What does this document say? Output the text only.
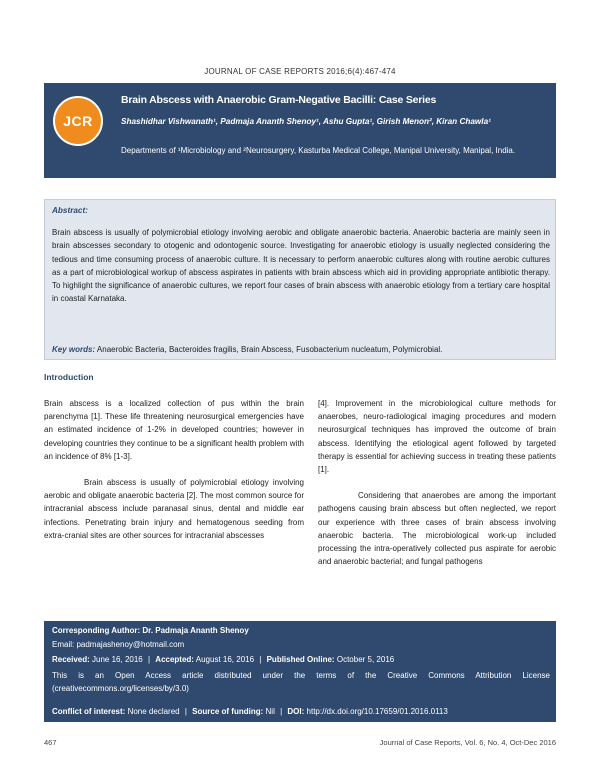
JOURNAL OF CASE REPORTS 2016;6(4):467-474
JCR
Brain Abscess with Anaerobic Gram-Negative Bacilli: Case Series
Shashidhar Vishwanath¹, Padmaja Ananth Shenoy¹, Ashu Gupta¹, Girish Menon², Kiran Chawla¹
Departments of ¹Microbiology and ²Neurosurgery, Kasturba Medical College, Manipal University, Manipal, India.
Abstract:
Brain abscess is usually of polymicrobial etiology involving aerobic and obligate anaerobic bacteria. Anaerobic bacteria are mainly seen in brain abscesses secondary to otogenic and odontogenic source. Investigating for anaerobic etiology is usually neglected considering the tedious and time consuming process of anaerobic culture. It is necessary to perform anaerobic cultures along with routine aerobic cultures as a part of microbiological workup of abscess aspirates in patients with brain abscess which aid in providing appropriate antibiotic therapy. To highlight the significance of anaerobic cultures, we report four cases of brain abscess with anaerobic etiology from a tertiary care hospital in coastal Karnataka.
Key words: Anaerobic Bacteria, Bacteroides fragilis, Brain Abscess, Fusobacterium nucleatum, Polymicrobial.
Introduction

Brain abscess is a localized collection of pus within the brain parenchyma [1]. These life threatening neurosurgical emergencies have an estimated incidence of 1-2% in developed countries; however in developing countries they continue to be a significant health problem with an incidence of 8% [1-3].

Brain abscess is usually of polymicrobial etiology involving aerobic and obligate anaerobic bacteria [2]. The most common source for intracranial abscess include paranasal sinus, dental and middle ear infections. Penetrating brain injury and hematogenous seeding from extra-cranial sites are other sources for intracranial abscesses

[4]. Improvement in the microbiological culture methods for anaerobes, neuro-radiological imaging procedures and modern neurosurgical techniques has improved the outcome of brain abscess. Identifying the etiological agent followed by targeted therapy is essential for achieving success in treating these patients [1].

Considering that anaerobes are among the important pathogens causing brain abscess but often neglected, we report our experience with three cases of brain abscess involving anaerobic bacteria. The microbiological work-up included processing the intra-operatively collected pus aspirate for aerobic and anaerobic bacterial; and fungal pathogens

Corresponding Author: Dr. Padmaja Ananth Shenoy
Email: padmajashenoy@hotmail.com
Received: June 16, 2016 | Accepted: August 16, 2016 | Published Online: October 5, 2016
This is an Open Access article distributed under the terms of the Creative Commons Attribution License (creativecommons.org/licenses/by/3.0)
Conflict of interest: None declared | Source of funding: Nil | DOI: http://dx.doi.org/10.17659/01.2016.0113
467	Journal of Case Reports, Vol. 6, No. 4, Oct-Dec 2016
